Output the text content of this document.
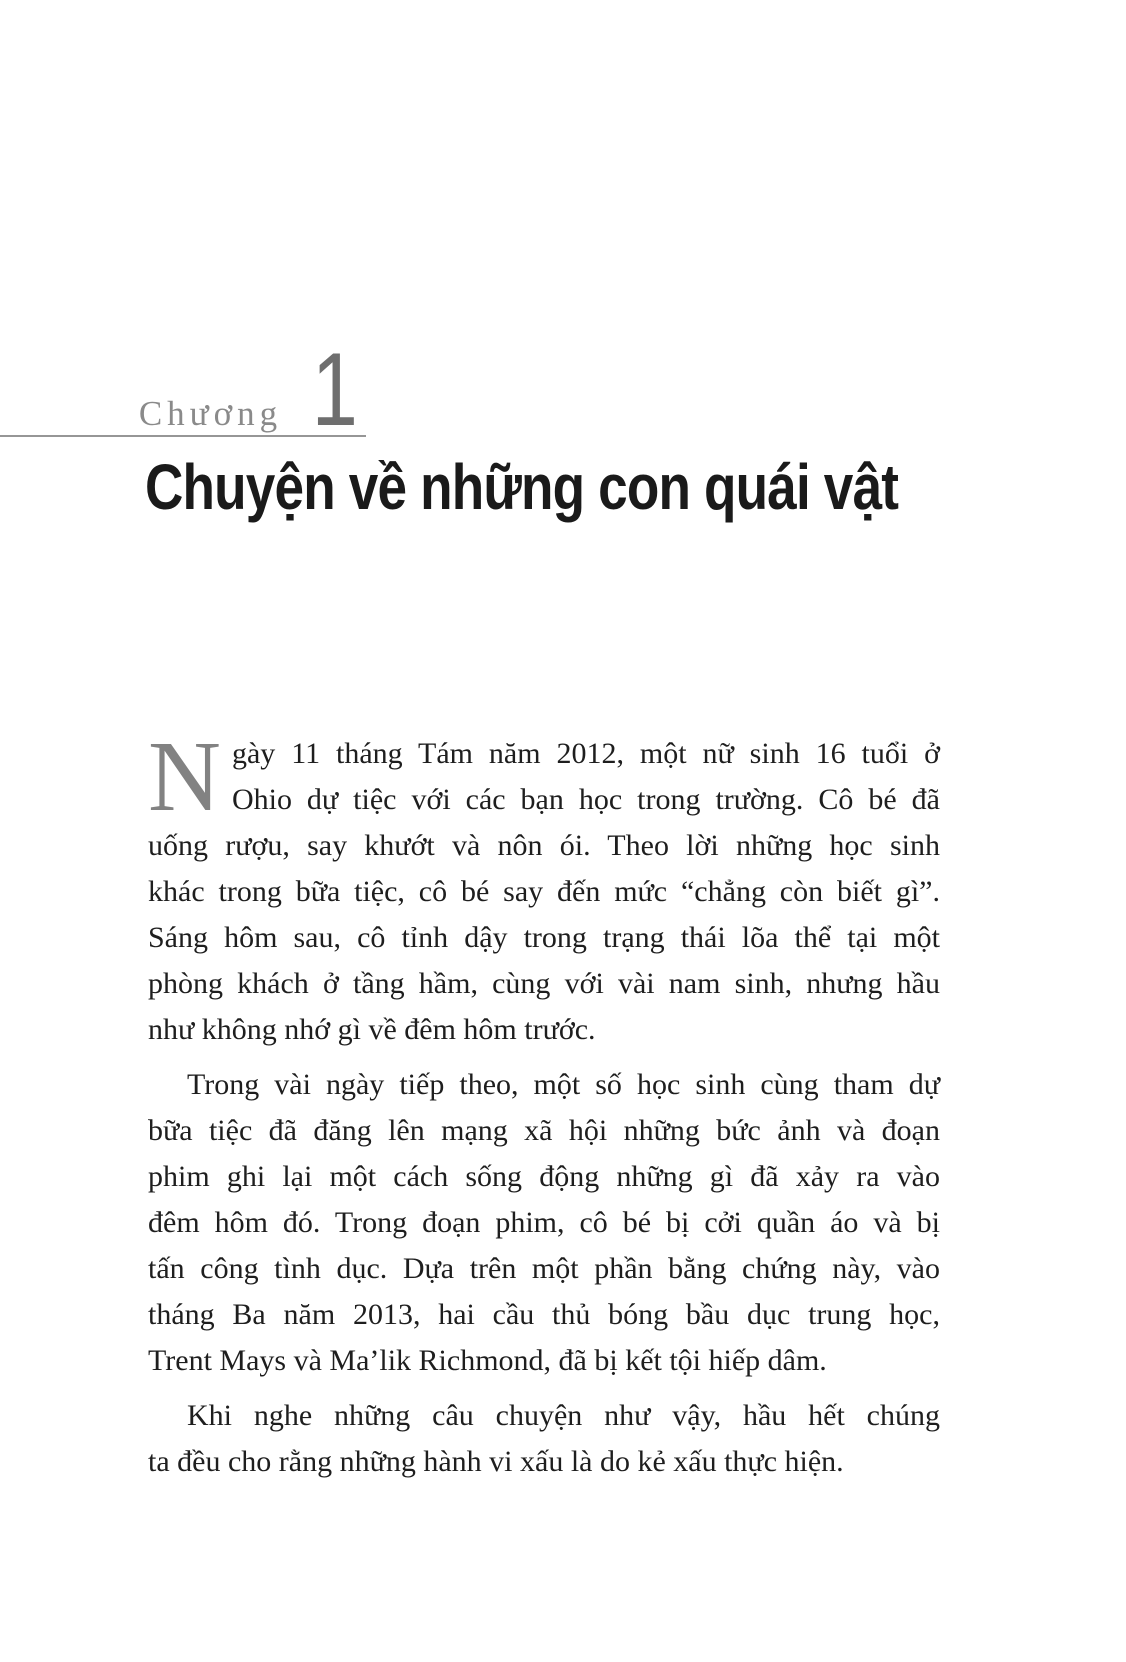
Chương 1
Chuyện về những con quái vật
N gày 11 tháng Tám năm 2012, một nữ sinh 16 tuổi ở
Ohio dự tiệc với các bạn học trong trường. Cô bé đã
uống rượu, say khướt và nôn ói. Theo lời những học sinh
khác trong bữa tiệc, cô bé say đến mức “chẳng còn biết gì”.
Sáng hôm sau, cô tỉnh dậy trong trạng thái lõa thể tại một
phòng khách ở tầng hầm, cùng với vài nam sinh, nhưng hầu
như không nhớ gì về đêm hôm trước.
Trong vài ngày tiếp theo, một số học sinh cùng tham dự
bữa tiệc đã đăng lên mạng xã hội những bức ảnh và đoạn
phim ghi lại một cách sống động những gì đã xảy ra vào
đêm hôm đó. Trong đoạn phim, cô bé bị cởi quần áo và bị
tấn công tình dục. Dựa trên một phần bằng chứng này, vào
tháng Ba năm 2013, hai cầu thủ bóng bầu dục trung học,
Trent Mays và Ma’lik Richmond, đã bị kết tội hiếp dâm.
Khi nghe những câu chuyện như vậy, hầu hết chúng
ta đều cho rằng những hành vi xấu là do kẻ xấu thực hiện.
